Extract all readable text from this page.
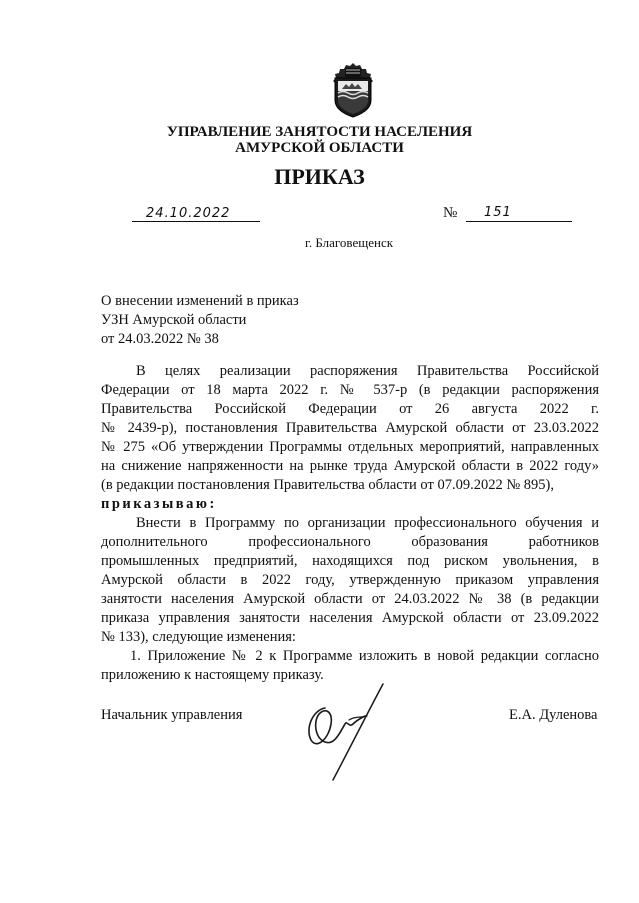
УПРАВЛЕНИЕ ЗАНЯТОСТИ НАСЕЛЕНИЯ
АМУРСКОЙ ОБЛАСТИ
ПРИКАЗ
24.10.2022	№ 151
г. Благовещенск
О внесении изменений в приказ
УЗН Амурской области
от 24.03.2022 № 38
В целях реализации распоряжения Правительства Российской
Федерации от 18 марта 2022 г. № 537-р (в редакции распоряжения
Правительства Российской Федерации от 26 августа 2022 г.
№ 2439-р), постановления Правительства Амурской области от 23.03.2022
№ 275 «Об утверждении Программы отдельных мероприятий, направленных
на снижение напряженности на рынке труда Амурской области в 2022 году»
(в редакции постановления Правительства области от 07.09.2022 № 895),
приказываю:
Внести в Программу по организации профессионального обучения и
дополнительного профессионального образования работников
промышленных предприятий, находящихся под риском увольнения, в
Амурской области в 2022 году, утвержденную приказом управления
занятости населения Амурской области от 24.03.2022 № 38 (в редакции
приказа управления занятости населения Амурской области от 23.09.2022
№ 133), следующие изменения:
1. Приложение № 2 к Программе изложить в новой редакции согласно
приложению к настоящему приказу.
Начальник управления	Е.А. Дуленова
